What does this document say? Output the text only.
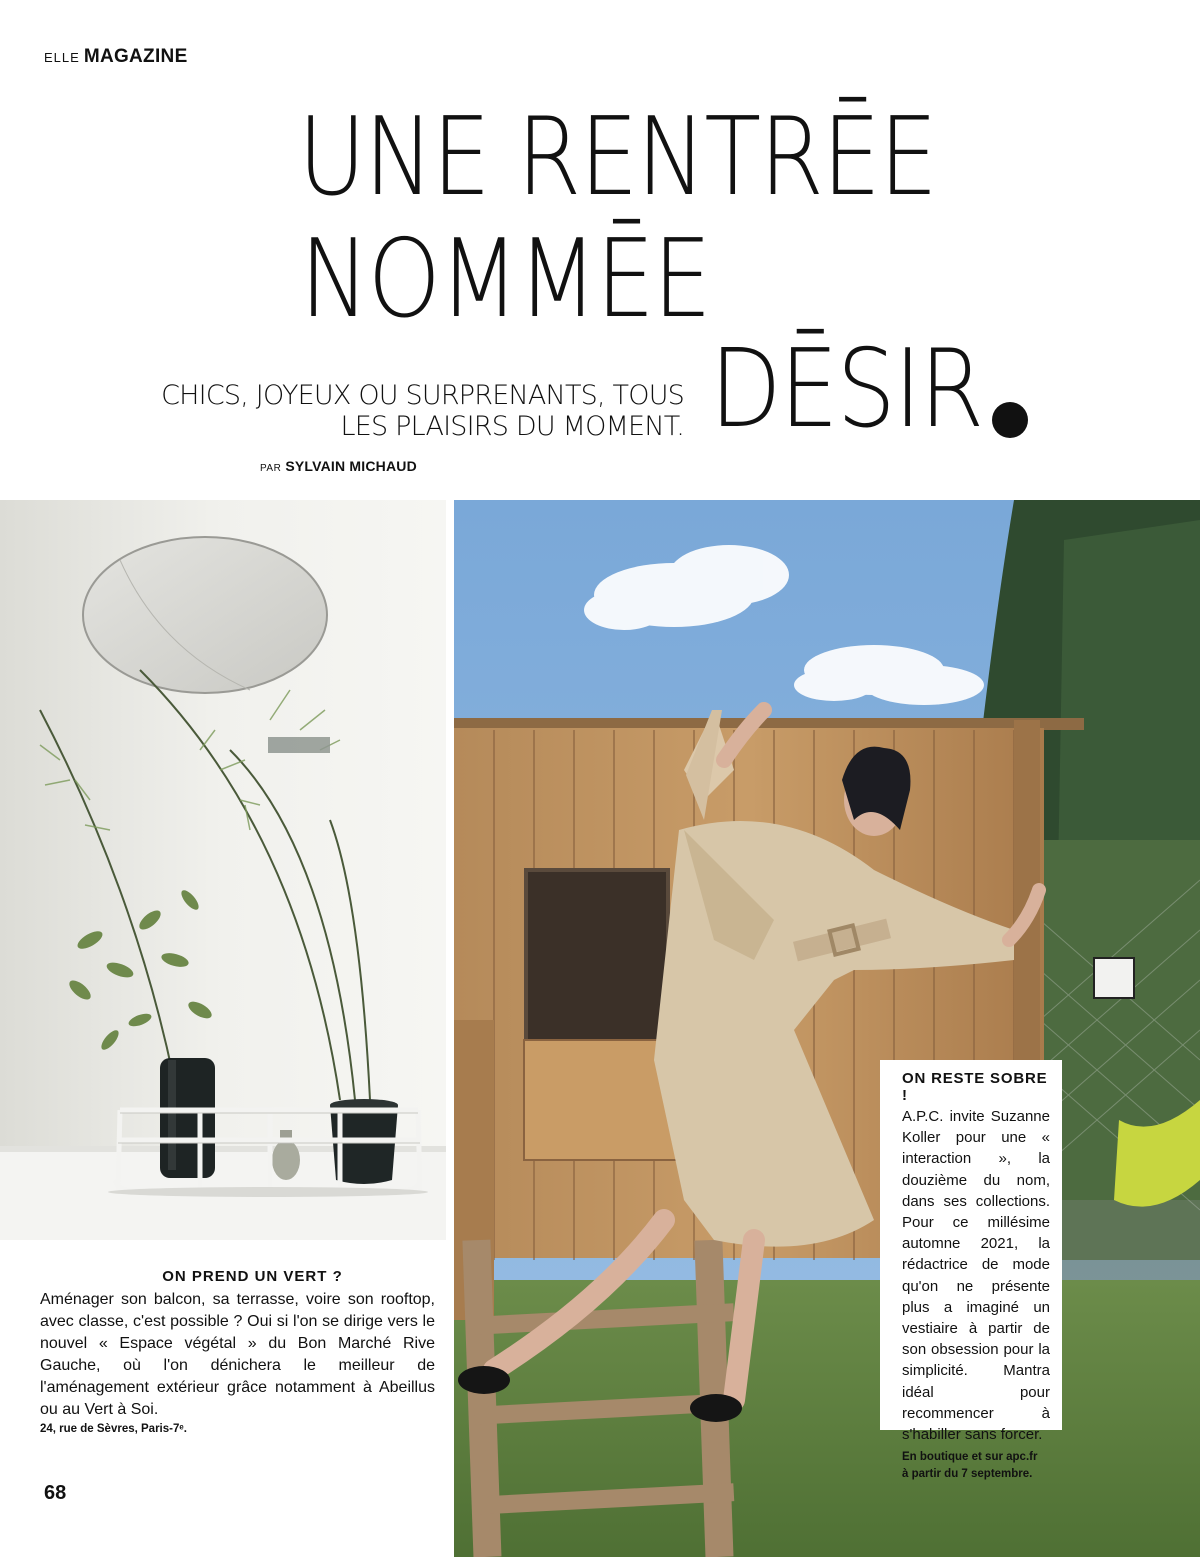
ELLE MAGAZINE
UNE RENTRĒE
NOMMĒE
DĒSIR
CHICS, JOYEUX OU SURPRENANTS, TOUS
LES PLAISIRS DU MOMENT.
PAR SYLVAIN MICHAUD
ON PREND UN VERT ?
Aménager son balcon, sa terrasse, voire son rooftop, avec classe, c'est possible ? Oui si l'on se dirige vers le nouvel « Espace végétal » du Bon Marché Rive Gauche, où l'on dénichera le meilleur de l'aménagement extérieur grâce notamment à Abeillus ou au Vert à Soi.
24, rue de Sèvres, Paris-7ᵉ.
ON RESTE SOBRE !
A.P.C. invite Suzanne Koller pour une « interaction », la douzième du nom, dans ses collections. Pour ce millésime automne 2021, la rédactrice de mode qu'on ne présente plus a imaginé un vestiaire à partir de son obsession pour la simplicité. Mantra idéal pour recommencer à s'habiller sans forcer.
En boutique et sur apc.fr
à partir du 7 septembre.
68
